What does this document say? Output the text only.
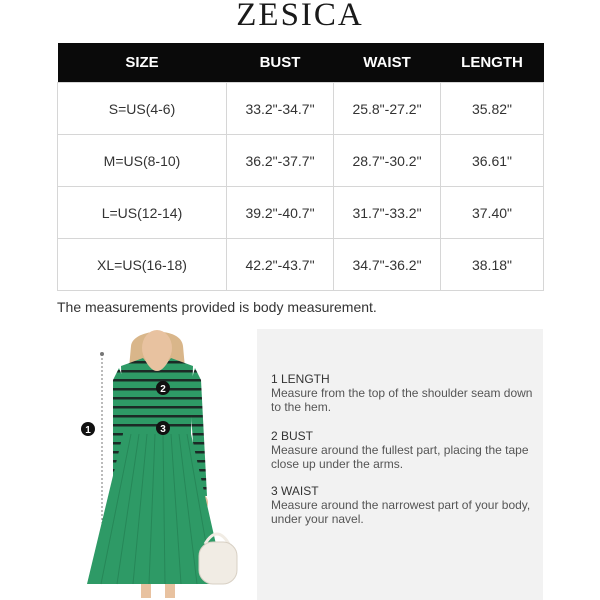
ZESICA
SIZE	BUST	WAIST	LENGTH
S=US(4-6)	33.2"-34.7"	25.8"-27.2"	35.82"
M=US(8-10)	36.2"-37.7"	28.7"-30.2"	36.61"
L=US(12-14)	39.2"-40.7"	31.7"-33.2"	37.40"
XL=US(16-18)	42.2"-43.7"	34.7"-36.2"	38.18"
The measurements provided is body measurement.
1
2
3
1 LENGTH
Measure from the top of the shoulder seam down to the hem.
2 BUST
Measure around the fullest part, placing the tape close up under the arms.
3 WAIST
Measure around the narrowest part of your body, under your navel.
